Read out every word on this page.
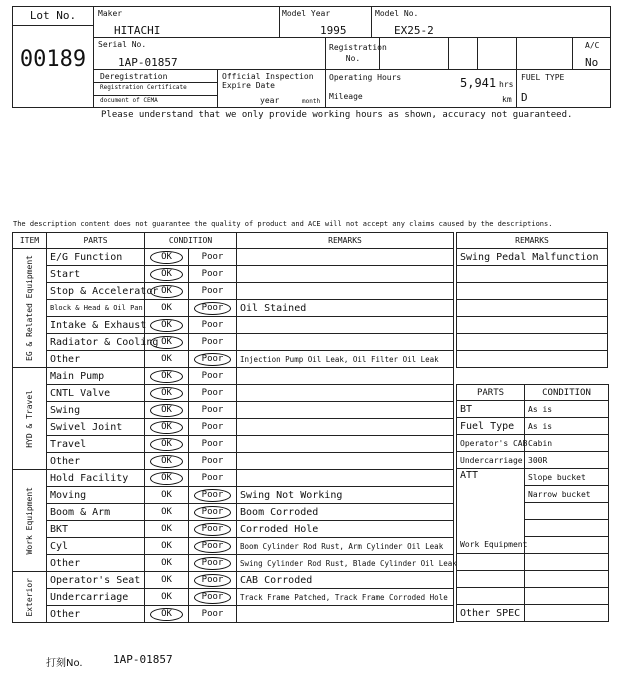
Lot No.
00189
Maker
HITACHI
Model Year
1995
Model No.
EX25-2
Serial No.
1AP-01857
Registration No.
A/C
No
Deregistration
Registration Certificate
document of CEMA
Official Inspection
Expire Date
year	month
Operating Hours	5,941 hrs
Mileage	km
FUEL TYPE
D
Please understand that we only provide working hours as shown, accuracy not guaranteed.
The description content does not guarantee the quality of product and ACE will not accept any claims caused by the descriptions.
ITEM	PARTS	CONDITION		REMARKS

EG & Related Equipment	E/G Function	OK	Poor	
	Start	OK	Poor	
	Stop & Accelerator	OK	Poor	
	Block & Head & Oil Pan	OK	Poor	Oil Stained
	Intake & Exhaust	OK	Poor	
	Radiator & Cooling	OK	Poor	
	Other	OK	Poor	Injection Pump Oil Leak, Oil Filter Oil Leak

HYD & Travel	Main Pump	OK	Poor	
	CNTL Valve	OK	Poor	
	Swing	OK	Poor	
	Swivel Joint	OK	Poor	
	Travel	OK	Poor	
	Other	OK	Poor	

Work Equipment	Hold Facility	OK	Poor	
	Moving	OK	Poor	Swing Not Working
	Boom & Arm	OK	Poor	Boom Corroded
	BKT	OK	Poor	Corroded Hole
	Cyl	OK	Poor	Boom Cylinder Rod Rust, Arm Cylinder Oil Leak
	Other	OK	Poor	Swing Cylinder Rod Rust, Blade Cylinder Oil Leak

Exterior	Operator's Seat	OK	Poor	CAB Corroded
	Undercarriage	OK	Poor	Track Frame Patched, Track Frame Corroded Hole
	Other	OK	Poor	
REMARKS
Swing Pedal Malfunction

PARTS	CONDITION
BT	As is
Fuel Type	As is
Operator's CAB	Cabin
Undercarriage	300R

ATT	Slope bucket
	Narrow bucket

Work Equipment	

Other SPEC	
打刻No.	1AP-01857
